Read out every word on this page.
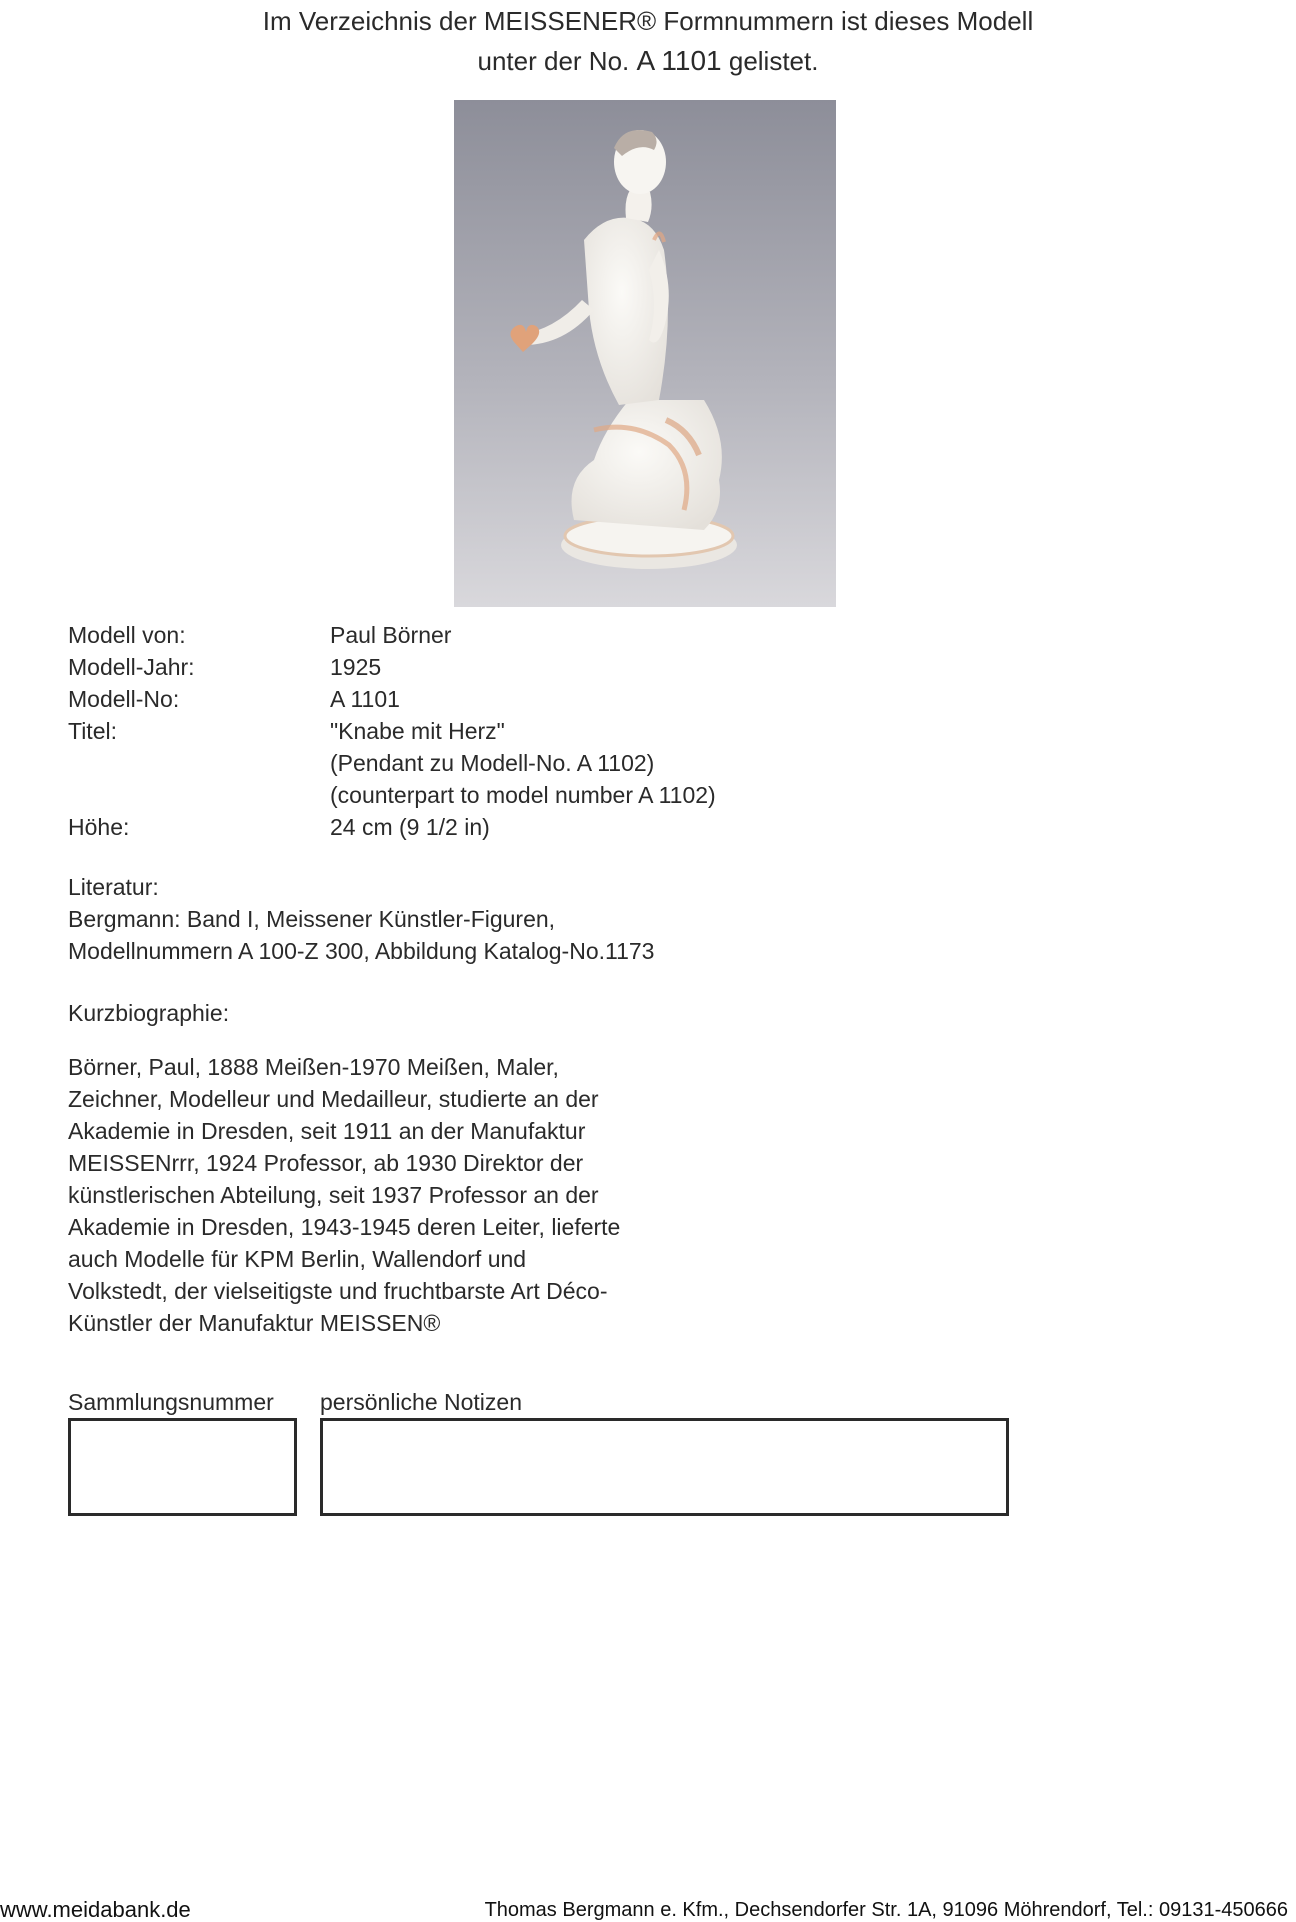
Im Verzeichnis der MEISSENER® Formnummern ist dieses Modell
unter der No. A 1101 gelistet.
Modell von:	Paul Börner
Modell-Jahr:	1925
Modell-No:	A 1101
Titel:	"Knabe mit Herz"
(Pendant zu Modell-No. A 1102)
(counterpart to model number A 1102)
Höhe:	24 cm (9 1/2 in)
Literatur:
Bergmann: Band I, Meissener Künstler-Figuren,
Modellnummern A 100-Z 300, Abbildung Katalog-No.1173
Kurzbiographie:
Börner, Paul, 1888 Meißen-1970 Meißen, Maler,
Zeichner, Modelleur und Medailleur, studierte an der
Akademie in Dresden, seit 1911 an der Manufaktur
MEISSENrrr, 1924 Professor, ab 1930 Direktor der
künstlerischen Abteilung, seit 1937 Professor an der
Akademie in Dresden, 1943-1945 deren Leiter, lieferte
auch Modelle für KPM Berlin, Wallendorf und
Volkstedt, der vielseitigste und fruchtbarste Art Déco-
Künstler der Manufaktur MEISSEN®
Sammlungsnummer persönliche Notizen
www.meidabank.de	Thomas Bergmann e. Kfm., Dechsendorfer Str. 1A, 91096 Möhrendorf, Tel.: 09131-450666
